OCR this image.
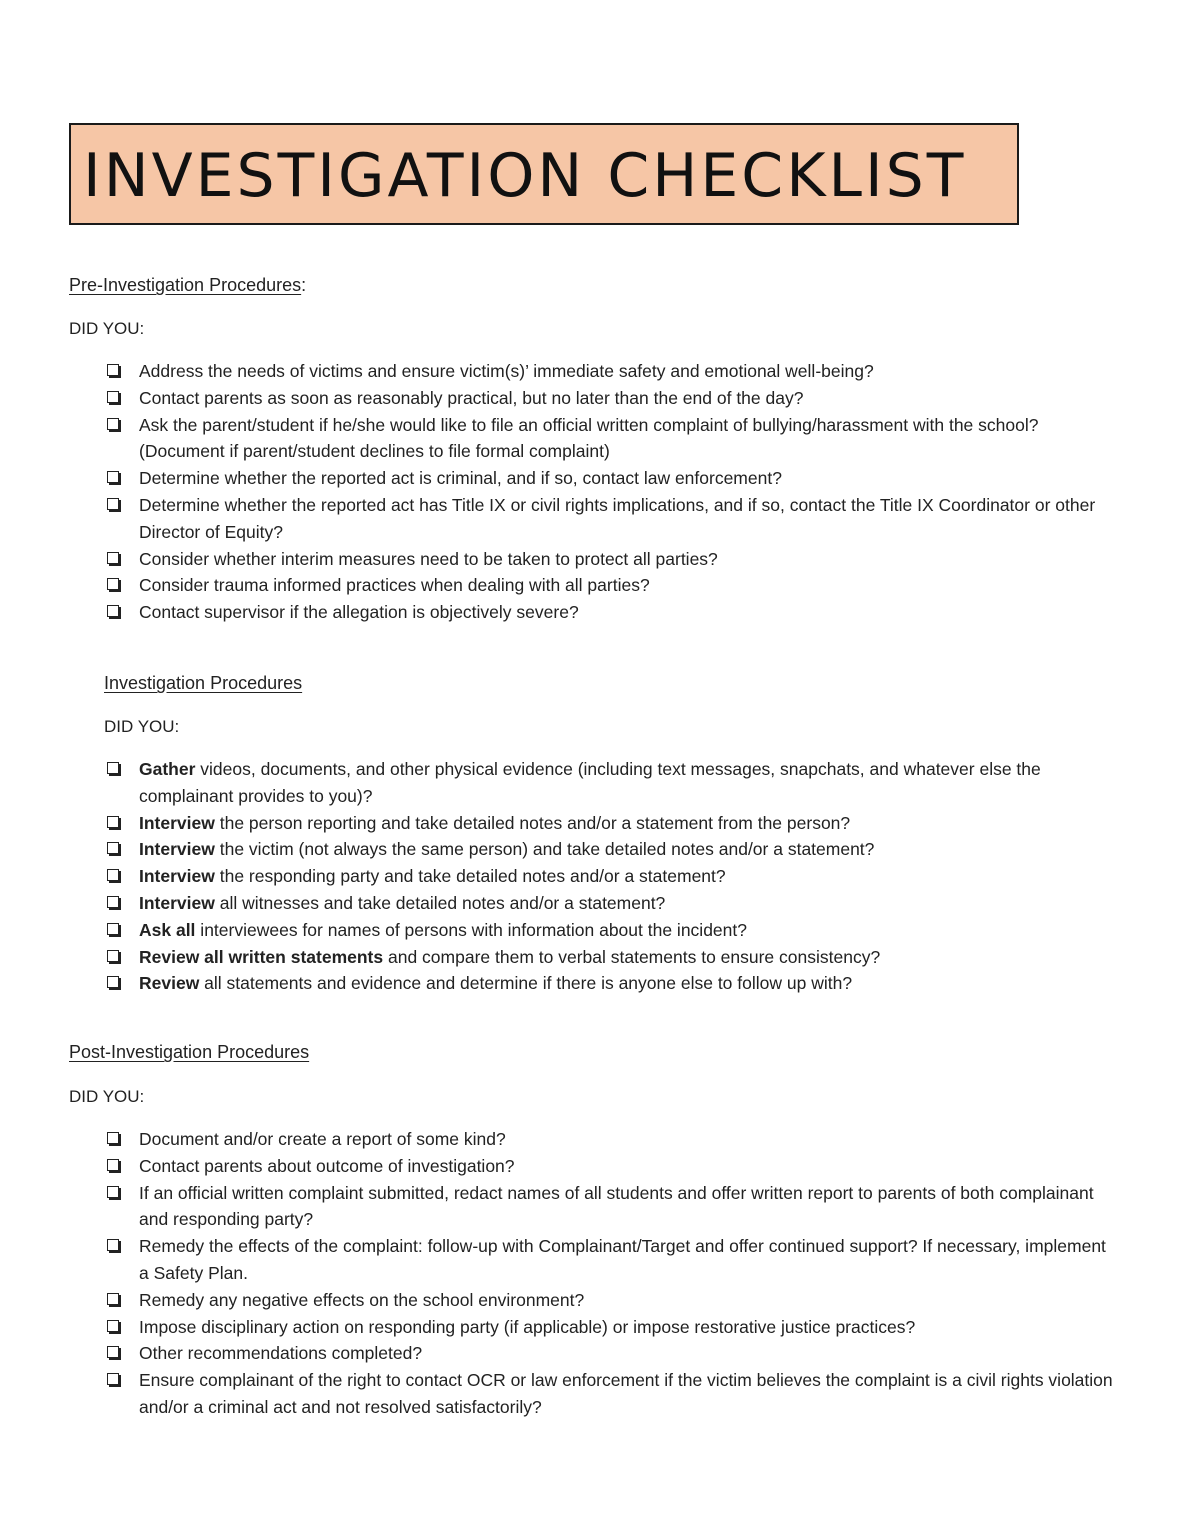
INVESTIGATION CHECKLIST
Pre-Investigation Procedures:
DID YOU:
Address the needs of victims and ensure victim(s)’ immediate safety and emotional well-being?
Contact parents as soon as reasonably practical, but no later than the end of the day?
Ask the parent/student if he/she would like to file an official written complaint of bullying/harassment with the school? (Document if parent/student declines to file formal complaint)
Determine whether the reported act is criminal, and if so, contact law enforcement?
Determine whether the reported act has Title IX or civil rights implications, and if so, contact the Title IX Coordinator or other Director of Equity?
Consider whether interim measures need to be taken to protect all parties?
Consider trauma informed practices when dealing with all parties?
Contact supervisor if the allegation is objectively severe?
Investigation Procedures
DID YOU:
Gather videos, documents, and other physical evidence (including text messages, snapchats, and whatever else the complainant provides to you)?
Interview the person reporting and take detailed notes and/or a statement from the person?
Interview the victim (not always the same person) and take detailed notes and/or a statement?
Interview the responding party and take detailed notes and/or a statement?
Interview all witnesses and take detailed notes and/or a statement?
Ask all interviewees for names of persons with information about the incident?
Review all written statements and compare them to verbal statements to ensure consistency?
Review all statements and evidence and determine if there is anyone else to follow up with?
Post-Investigation Procedures
DID YOU:
Document and/or create a report of some kind?
Contact parents about outcome of investigation?
If an official written complaint submitted, redact names of all students and offer written report to parents of both complainant and responding party?
Remedy the effects of the complaint: follow-up with Complainant/Target and offer continued support? If necessary, implement a Safety Plan.
Remedy any negative effects on the school environment?
Impose disciplinary action on responding party (if applicable) or impose restorative justice practices?
Other recommendations completed?
Ensure complainant of the right to contact OCR or law enforcement if the victim believes the complaint is a civil rights violation and/or a criminal act and not resolved satisfactorily?
